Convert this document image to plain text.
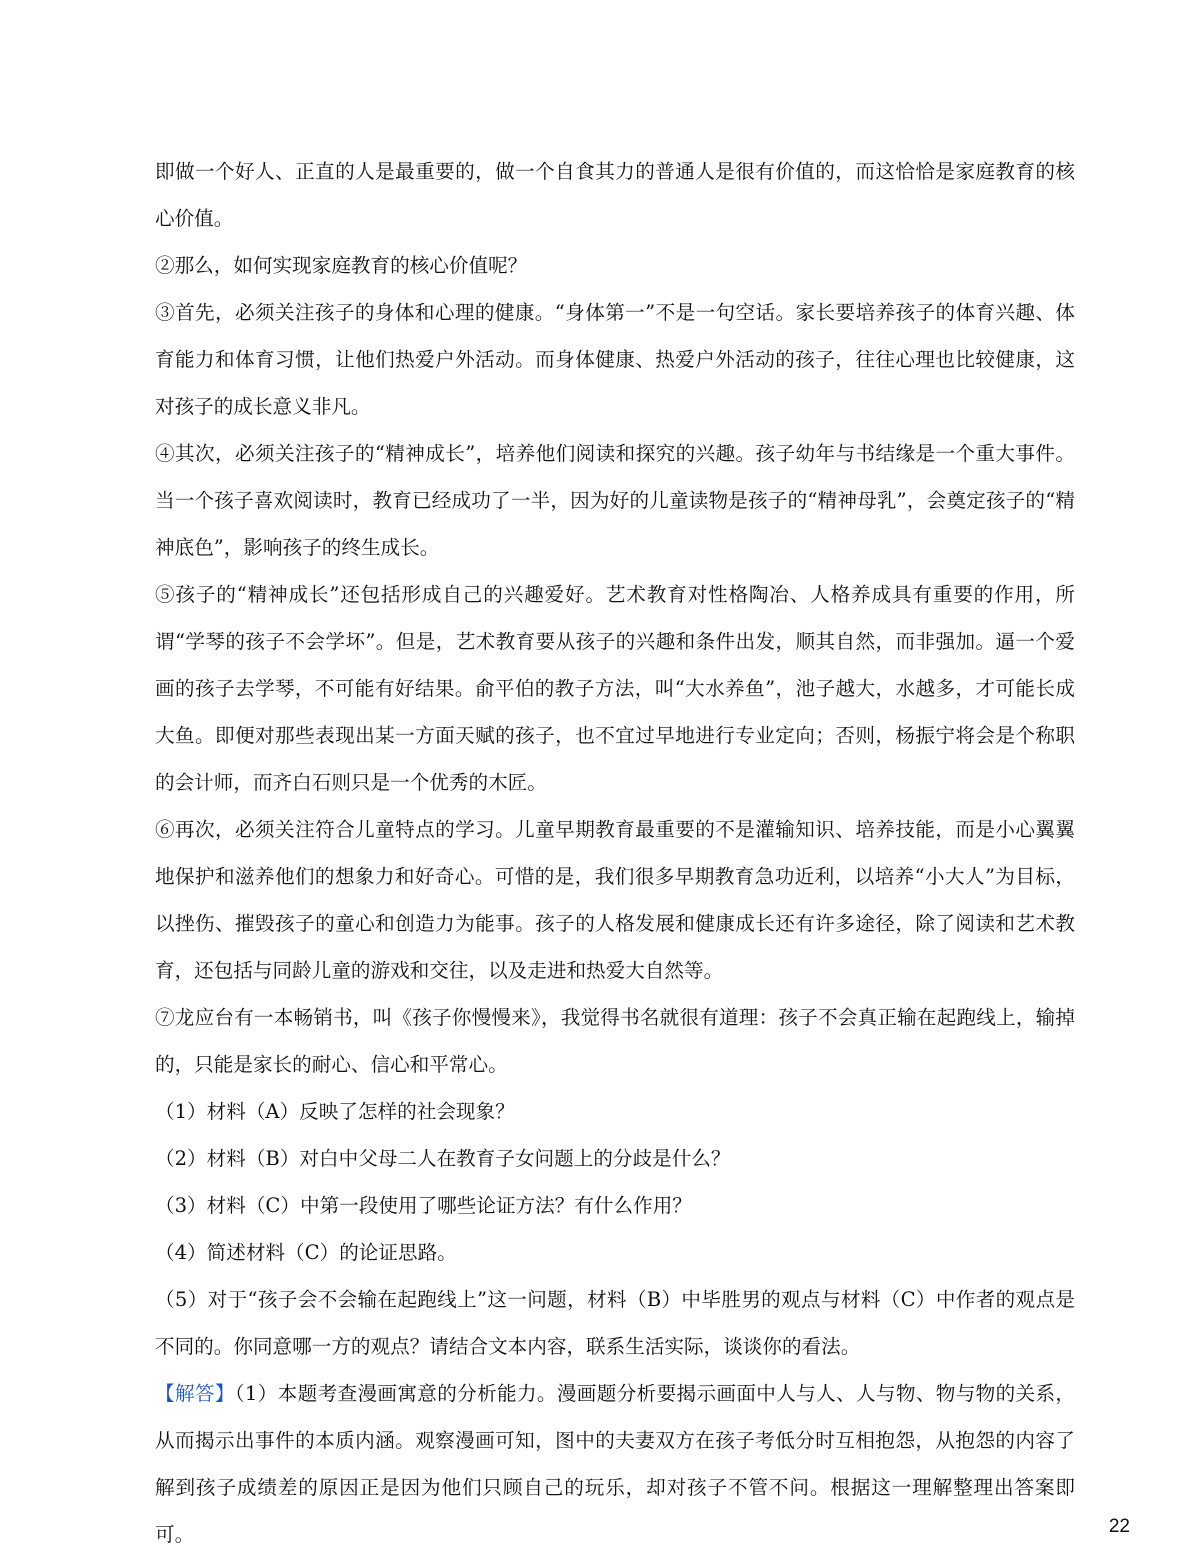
即做一个好人、正直的人是最重要的，做一个自食其力的普通人是很有价值的，而这恰恰是家庭教育的核心价值。

②那么，如何实现家庭教育的核心价值呢？

③首先，必须关注孩子的身体和心理的健康。“身体第一”不是一句空话。家长要培养孩子的体育兴趣、体育能力和体育习惯，让他们热爱户外活动。而身体健康、热爱户外活动的孩子，往往心理也比较健康，这对孩子的成长意义非凡。

④其次，必须关注孩子的“精神成长”，培养他们阅读和探究的兴趣。孩子幼年与书结缘是一个重大事件。当一个孩子喜欢阅读时，教育已经成功了一半，因为好的儿童读物是孩子的“精神母乳”，会奠定孩子的“精神底色”，影响孩子的终生成长。

⑤孩子的“精神成长”还包括形成自己的兴趣爱好。艺术教育对性格陶冶、人格养成具有重要的作用，所谓“学琴的孩子不会学坏”。但是，艺术教育要从孩子的兴趣和条件出发，顺其自然，而非强加。逼一个爱画的孩子去学琴，不可能有好结果。俞平伯的教子方法，叫“大水养鱼”，池子越大，水越多，才可能长成大鱼。即便对那些表现出某一方面天赋的孩子，也不宜过早地进行专业定向；否则，杨振宁将会是个称职的会计师，而齐白石则只是一个优秀的木匠。

⑥再次，必须关注符合儿童特点的学习。儿童早期教育最重要的不是灌输知识、培养技能，而是小心翼翼地保护和滋养他们的想象力和好奇心。可惜的是，我们很多早期教育急功近利，以培养“小大人”为目标，以挫伤、摧毁孩子的童心和创造力为能事。孩子的人格发展和健康成长还有许多途径，除了阅读和艺术教育，还包括与同龄儿童的游戏和交往，以及走进和热爱大自然等。

⑦龙应台有一本畅销书，叫《孩子你慢慢来》，我觉得书名就很有道理：孩子不会真正输在起跑线上，输掉的，只能是家长的耐心、信心和平常心。

（1）材料（A）反映了怎样的社会现象？

（2）材料（B）对白中父母二人在教育子女问题上的分歧是什么？

（3）材料（C）中第一段使用了哪些论证方法？有什么作用？

（4）简述材料（C）的论证思路。

（5）对于“孩子会不会输在起跑线上”这一问题，材料（B）中毕胜男的观点与材料（C）中作者的观点是不同的。你同意哪一方的观点？请结合文本内容，联系生活实际，谈谈你的看法。

【解答】（1）本题考查漫画寓意的分析能力。漫画题分析要揭示画面中人与人、人与物、物与物的关系，从而揭示出事件的本质内涵。观察漫画可知，图中的夫妻双方在孩子考低分时互相抱怨，从抱怨的内容了解到孩子成绩差的原因正是因为他们只顾自己的玩乐，却对孩子不管不问。根据这一理解整理出答案即可。	22
